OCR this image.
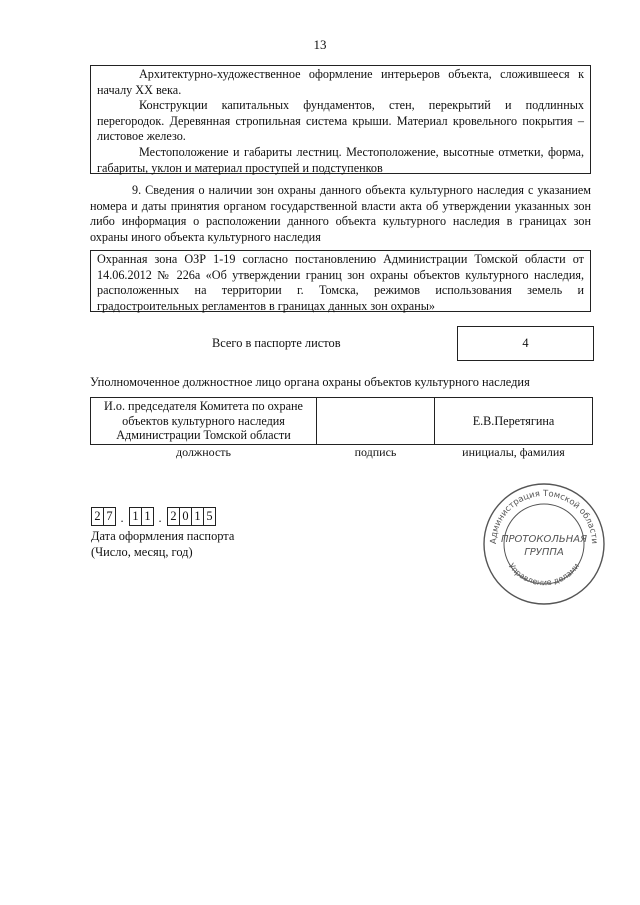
13

Архитектурно-художественное оформление интерьеров объекта, сложившееся к началу XX века.

Конструкции капитальных фундаментов, стен, перекрытий и подлинных перегородок. Деревянная стропильная система крыши. Материал кровельного покрытия – листовое железо.

Местоположение и габариты лестниц. Местоположение, высотные отметки, форма, габариты, уклон и материал проступей и подступенков

9. Сведения о наличии зон охраны данного объекта культурного наследия с указанием номера и даты принятия органом государственной власти акта об утверждении указанных зон либо информация о расположении данного объекта культурного наследия в границах зон охраны иного объекта культурного наследия

Охранная зона ОЗР 1-19 согласно постановлению Администрации Томской области от 14.06.2012 № 226а «Об утверждении границ зон охраны объектов культурного наследия, расположенных на территории г. Томска, режимов использования земель и градостроительных регламентов в границах данных зон охраны»

Всего в паспорте листов	4
Уполномоченное должностное лицо органа охраны объектов культурного наследия
И.о. председателя Комитета по охране
объектов культурного наследия
Администрации Томской области		Е.В.Перетягина
должность	подпись	инициалы, фамилия
2 7 . 1 1 . 2 0 1 5
Дата оформления паспорта
(Число, месяц, год)
Администрация Томской области
Управление делами
ПРОТОКОЛЬНАЯ
ГРУППА
